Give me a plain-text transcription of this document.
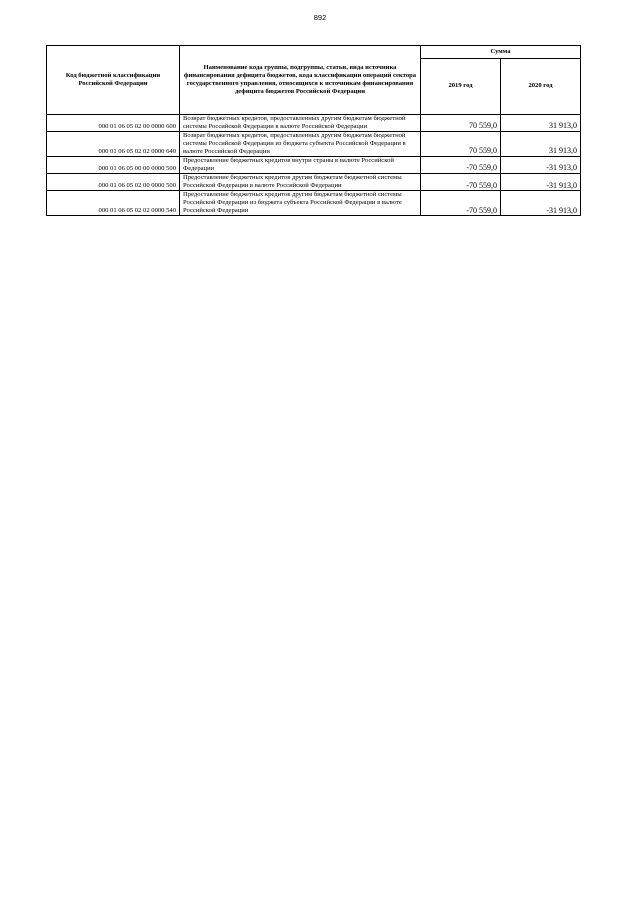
892
Код бюджетной классификации Российской Федерации	Наименование кода группы, подгруппы, статьи, вида источника финансирования дефицита бюджетов, кода классификации операций сектора государственного управления, относящихся к источникам финансирования дефицита бюджетов Российской Федерации	Сумма	
		2019 год	2020 год
000 01 06 05 02 00 0000 600	Возврат бюджетных кредитов, предоставленных другим бюджетам бюджетной системы Российской Федерации в валюте Российской Федерации	70 559,0	31 913,0
000 01 06 05 02 02 0000 640	Возврат бюджетных кредитов, предоставленных другим бюджетам бюджетной системы Российской Федерации из бюджета субъекта Российской Федерации в валюте Российской Федерации	70 559,0	31 913,0
000 01 06 05 00 00 0000 500	Предоставление бюджетных кредитов внутри страны в валюте Российской Федерации	-70 559,0	-31 913,0
000 01 06 05 02 00 0000 500	Предоставление бюджетных кредитов другим бюджетам бюджетной системы Российской Федерации в валюте Российской Федерации	-70 559,0	-31 913,0
000 01 06 05 02 02 0000 540	Предоставление бюджетных кредитов другим бюджетам бюджетной системы Российской Федерации из бюджета субъекта Российской Федерации в валюте Российской Федерации	-70 559,0	-31 913,0
